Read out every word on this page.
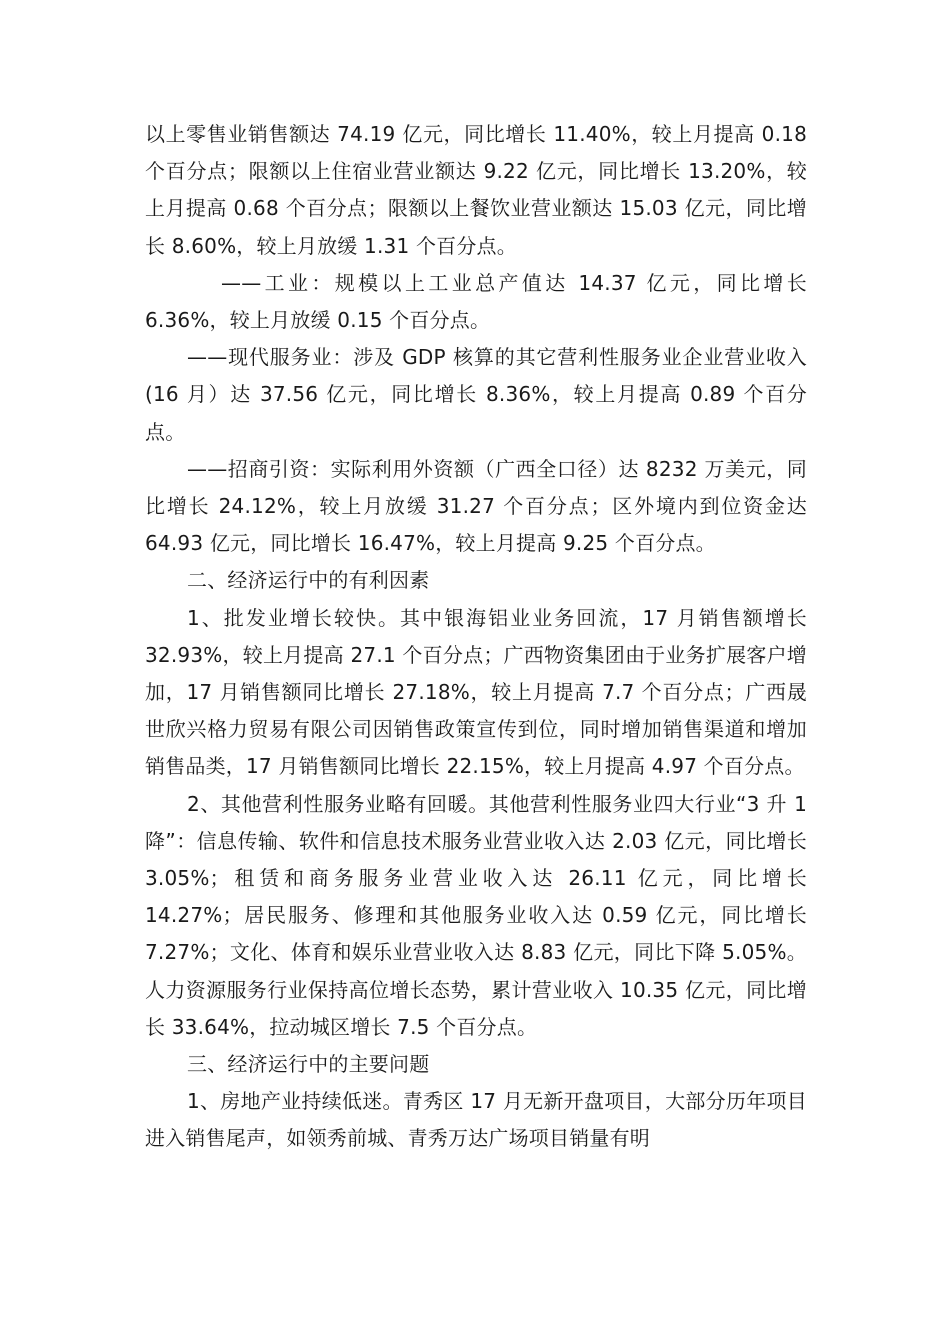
以上零售业销售额达 74.19 亿元，同比增长 11.40%，较上月提高 0.18 个百分点；限额以上住宿业营业额达 9.22 亿元，同比增长 13.20%，较上月提高 0.68 个百分点；限额以上餐饮业营业额达 15.03 亿元，同比增长 8.60%，较上月放缓 1.31 个百分点。

——工业：规模以上工业总产值达 14.37 亿元，同比增长 6.36%，较上月放缓 0.15 个百分点。

——现代服务业：涉及 GDP 核算的其它营利性服务业企业营业收入(16 月）达 37.56 亿元，同比增长 8.36%，较上月提高 0.89 个百分点。

——招商引资：实际利用外资额（广西全口径）达 8232 万美元，同比增长 24.12%，较上月放缓 31.27 个百分点；区外境内到位资金达 64.93 亿元，同比增长 16.47%，较上月提高 9.25 个百分点。

二、经济运行中的有利因素

1、批发业增长较快。其中银海铝业业务回流，17 月销售额增长 32.93%，较上月提高 27.1 个百分点；广西物资集团由于业务扩展客户增加，17 月销售额同比增长 27.18%，较上月提高 7.7 个百分点；广西晟世欣兴格力贸易有限公司因销售政策宣传到位，同时增加销售渠道和增加销售品类，17 月销售额同比增长 22.15%，较上月提高 4.97 个百分点。

2、其他营利性服务业略有回暖。其他营利性服务业四大行业“3 升 1 降”：信息传输、软件和信息技术服务业营业收入达 2.03 亿元，同比增长 3.05%；租赁和商务服务业营业收入达 26.11 亿元，同比增长 14.27%；居民服务、修理和其他服务业收入达 0.59 亿元，同比增长 7.27%；文化、体育和娱乐业营业收入达 8.83 亿元，同比下降 5.05%。人力资源服务行业保持高位增长态势，累计营业收入 10.35 亿元，同比增长 33.64%，拉动城区增长 7.5 个百分点。

三、经济运行中的主要问题

1、房地产业持续低迷。青秀区 17 月无新开盘项目，大部分历年项目进入销售尾声，如领秀前城、青秀万达广场项目销量有明
